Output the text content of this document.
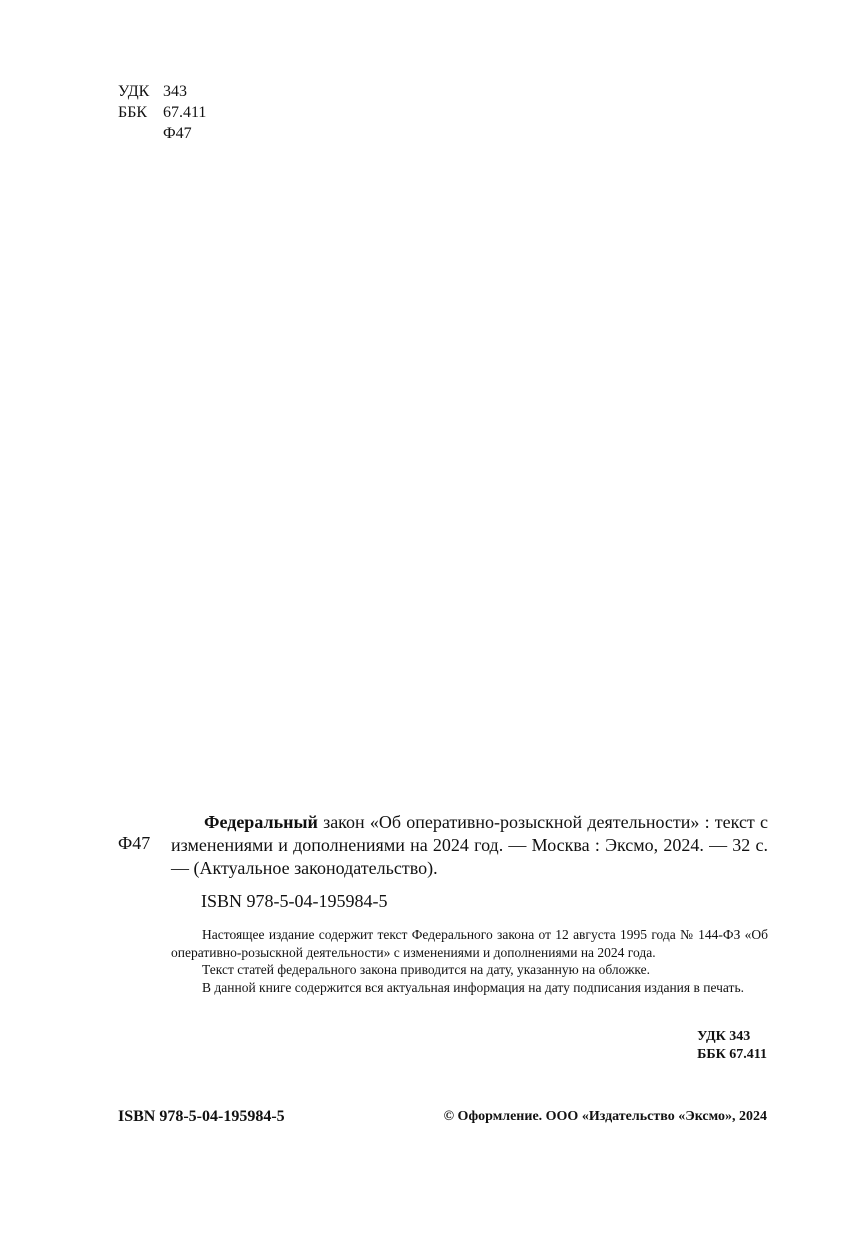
УДК 343
ББК 67.411
Ф47
Ф47
Федеральный закон «Об оперативно-розыскной деятельности» : текст с изменениями и дополнениями на 2024 год. — Москва : Эксмо, 2024. — 32 с. — (Актуальное законодательство).
ISBN 978-5-04-195984-5

Настоящее издание содержит текст Федерального закона от 12 августа 1995 года № 144-ФЗ «Об оперативно-розыскной деятельности» с изменениями и дополнениями на 2024 года.

Текст статей федерального закона приводится на дату, указанную на обложке.

В данной книге содержится вся актуальная информация на дату подписания издания в печать.

УДК 343
ББК 67.411
ISBN 978-5-04-195984-5	© Оформление. ООО «Издательство «Эксмо», 2024
